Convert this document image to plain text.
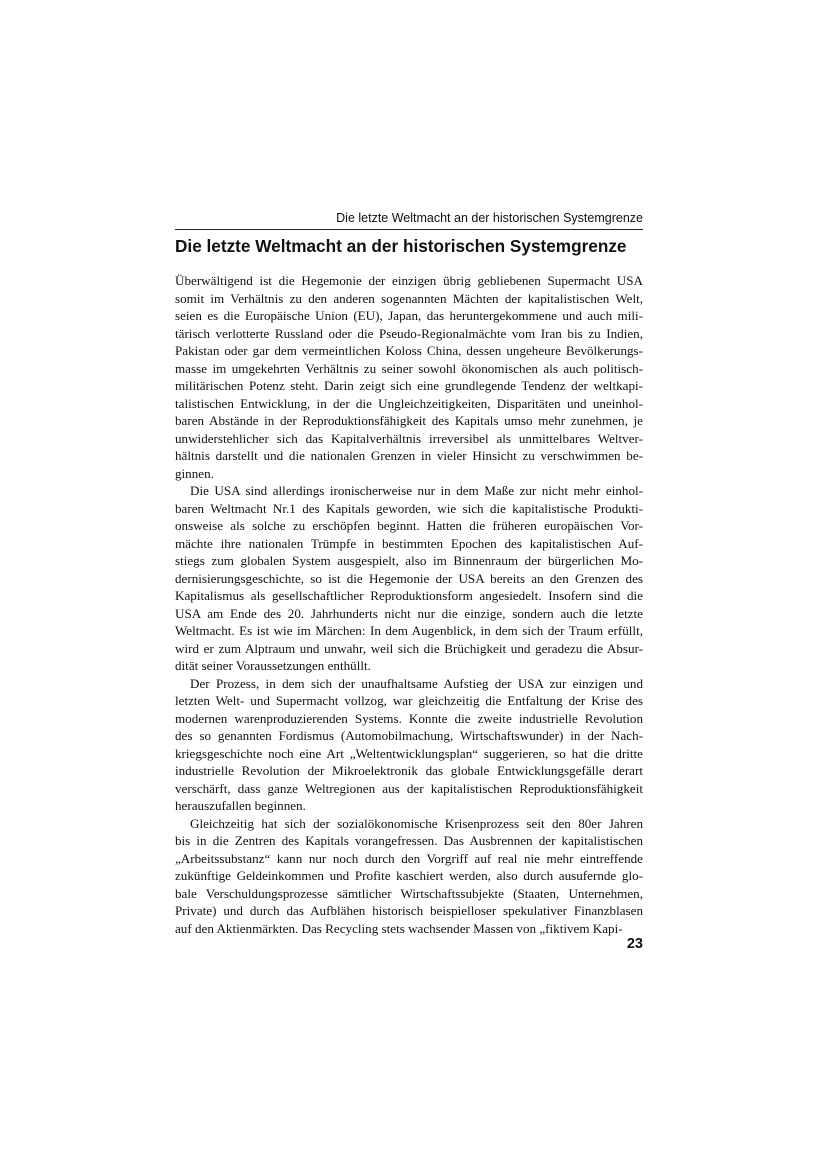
Die letzte Weltmacht an der historischen Systemgrenze
Die letzte Weltmacht an der historischen Systemgrenze
Überwältigend ist die Hegemonie der einzigen übrig gebliebenen Supermacht USA
somit im Verhältnis zu den anderen sogenannten Mächten der kapitalistischen Welt,
seien es die Europäische Union (EU), Japan, das heruntergekommene und auch mili-
tärisch verlotterte Russland oder die Pseudo-Regionalmächte vom Iran bis zu Indien,
Pakistan oder gar dem vermeintlichen Koloss China, dessen ungeheure Bevölkerungs-
masse im umgekehrten Verhältnis zu seiner sowohl ökonomischen als auch politisch-
militärischen Potenz steht. Darin zeigt sich eine grundlegende Tendenz der weltkapi-
talistischen Entwicklung, in der die Ungleichzeitigkeiten, Disparitäten und uneinhol-
baren Abstände in der Reproduktionsfähigkeit des Kapitals umso mehr zunehmen, je
unwiderstehlicher sich das Kapitalverhältnis irreversibel als unmittelbares Weltver-
hältnis darstellt und die nationalen Grenzen in vieler Hinsicht zu verschwimmen be-
ginnen.
Die USA sind allerdings ironischerweise nur in dem Maße zur nicht mehr einhol-
baren Weltmacht Nr.1 des Kapitals geworden, wie sich die kapitalistische Produkti-
onsweise als solche zu erschöpfen beginnt. Hatten die früheren europäischen Vor-
mächte ihre nationalen Trümpfe in bestimmten Epochen des kapitalistischen Auf-
stiegs zum globalen System ausgespielt, also im Binnenraum der bürgerlichen Mo-
dernisierungsgeschichte, so ist die Hegemonie der USA bereits an den Grenzen des
Kapitalismus als gesellschaftlicher Reproduktionsform angesiedelt. Insofern sind die
USA am Ende des 20. Jahrhunderts nicht nur die einzige, sondern auch die letzte
Weltmacht. Es ist wie im Märchen: In dem Augenblick, in dem sich der Traum erfüllt,
wird er zum Alptraum und unwahr, weil sich die Brüchigkeit und geradezu die Absur-
dität seiner Voraussetzungen enthüllt.
Der Prozess, in dem sich der unaufhaltsame Aufstieg der USA zur einzigen und
letzten Welt- und Supermacht vollzog, war gleichzeitig die Entfaltung der Krise des
modernen warenproduzierenden Systems. Konnte die zweite industrielle Revolution
des so genannten Fordismus (Automobilmachung, Wirtschaftswunder) in der Nach-
kriegsgeschichte noch eine Art „Weltentwicklungsplan“ suggerieren, so hat die dritte
industrielle Revolution der Mikroelektronik das globale Entwicklungsgefälle derart
verschärft, dass ganze Weltregionen aus der kapitalistischen Reproduktionsfähigkeit
herauszufallen beginnen.
Gleichzeitig hat sich der sozialökonomische Krisenprozess seit den 80er Jahren
bis in die Zentren des Kapitals vorangefressen. Das Ausbrennen der kapitalistischen
„Arbeitssubstanz“ kann nur noch durch den Vorgriff auf real nie mehr eintreffende
zukünftige Geldeinkommen und Profite kaschiert werden, also durch ausufernde glo-
bale Verschuldungsprozesse sämtlicher Wirtschaftssubjekte (Staaten, Unternehmen,
Private) und durch das Aufblähen historisch beispielloser spekulativer Finanzblasen
auf den Aktienmärkten. Das Recycling stets wachsender Massen von „fiktivem Kapi-
23
